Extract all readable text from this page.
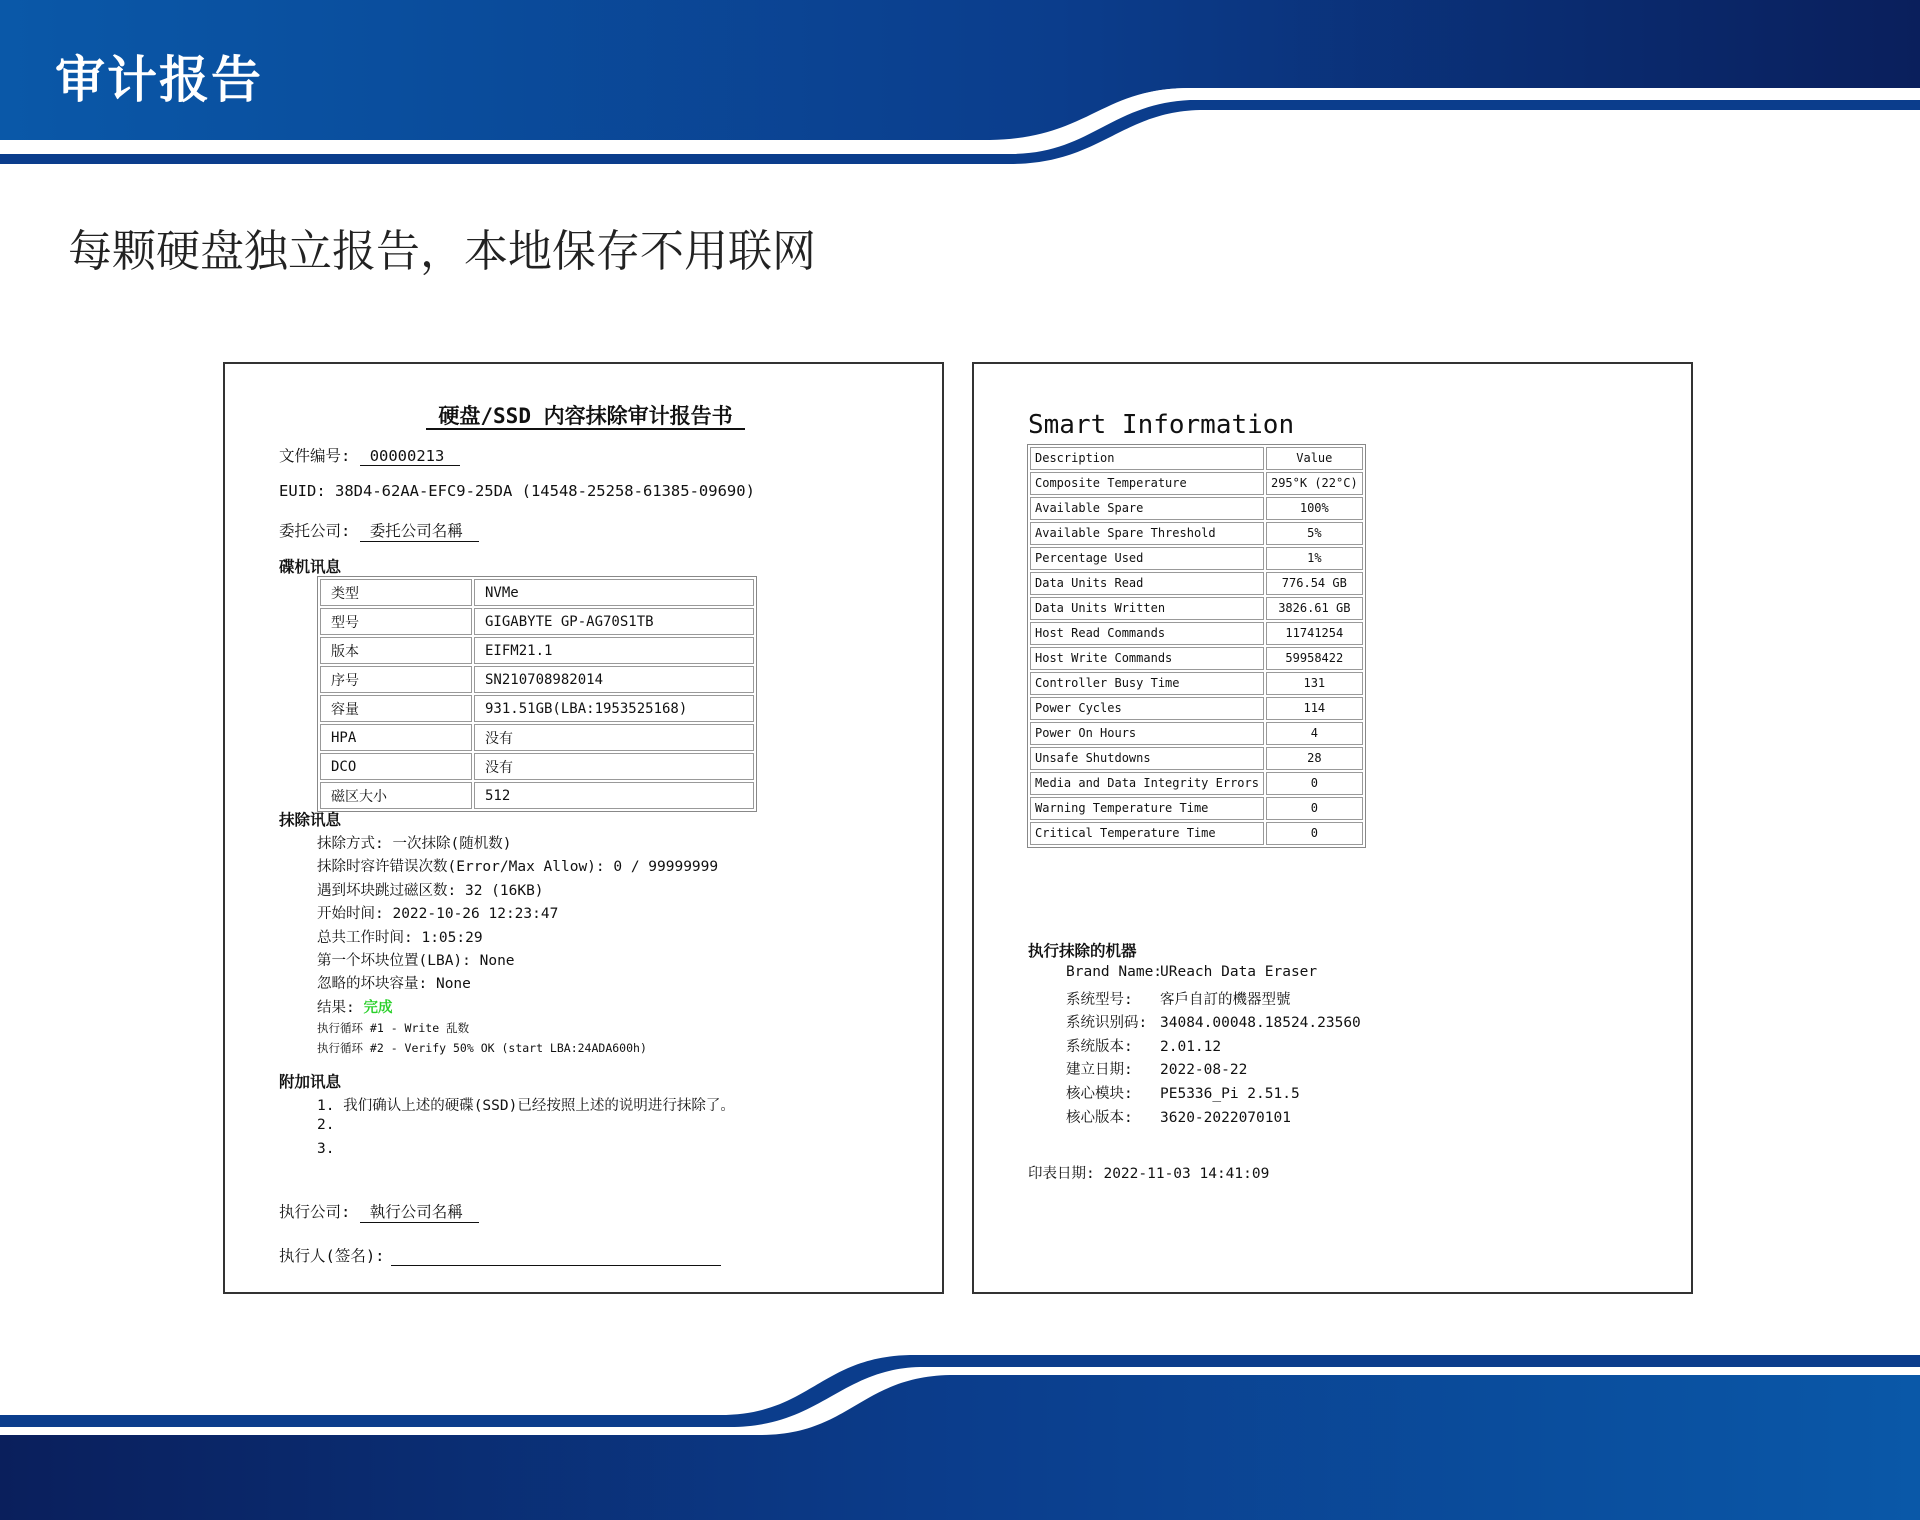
审计报告
每颗硬盘独立报告，本地保存不用联网
硬盘/SSD 内容抹除审计报告书
文件编号: 00000213
EUID: 38D4-62AA-EFC9-25DA (14548-25258-61385-09690)
委托公司: 委托公司名稱
碟机讯息
类型	NVMe
型号	GIGABYTE GP-AG70S1TB
版本	EIFM21.1
序号	SN210708982014
容量	931.51GB(LBA:1953525168)
HPA	没有
DCO	没有
磁区大小	512
抹除讯息
抹除方式: 一次抹除(随机数)
抹除时容许错误次数(Error/Max Allow): 0 / 99999999
遇到坏块跳过磁区数: 32 (16KB)
开始时间: 2022-10-26 12:23:47
总共工作时间: 1:05:29
第一个坏块位置(LBA): None
忽略的坏块容量: None
结果: 完成
执行循环 #1 - Write 乱数
执行循环 #2 - Verify 50% OK (start LBA:24ADA600h)
附加讯息
1. 我们确认上述的硬碟(SSD)已经按照上述的说明进行抹除了。
2.
3.
执行公司: 執行公司名稱
执行人(签名):
Smart Information
Description	Value
Composite Temperature	295°K (22°C)
Available Spare	100%
Available Spare Threshold	5%
Percentage Used	1%
Data Units Read	776.54 GB
Data Units Written	3826.61 GB
Host Read Commands	11741254
Host Write Commands	59958422
Controller Busy Time	131
Power Cycles	114
Power On Hours	4
Unsafe Shutdowns	28
Media and Data Integrity Errors	0
Warning Temperature Time	0
Critical Temperature Time	0
执行抹除的机器
Brand Name:UReach Data Eraser
系统型号: 客戶自訂的機器型號
系统识别码: 34084.00048.18524.23560
系统版本: 2.01.12
建立日期: 2022-08-22
核心模块: PE5336_Pi 2.51.5
核心版本: 3620-2022070101
印表日期: 2022-11-03 14:41:09
